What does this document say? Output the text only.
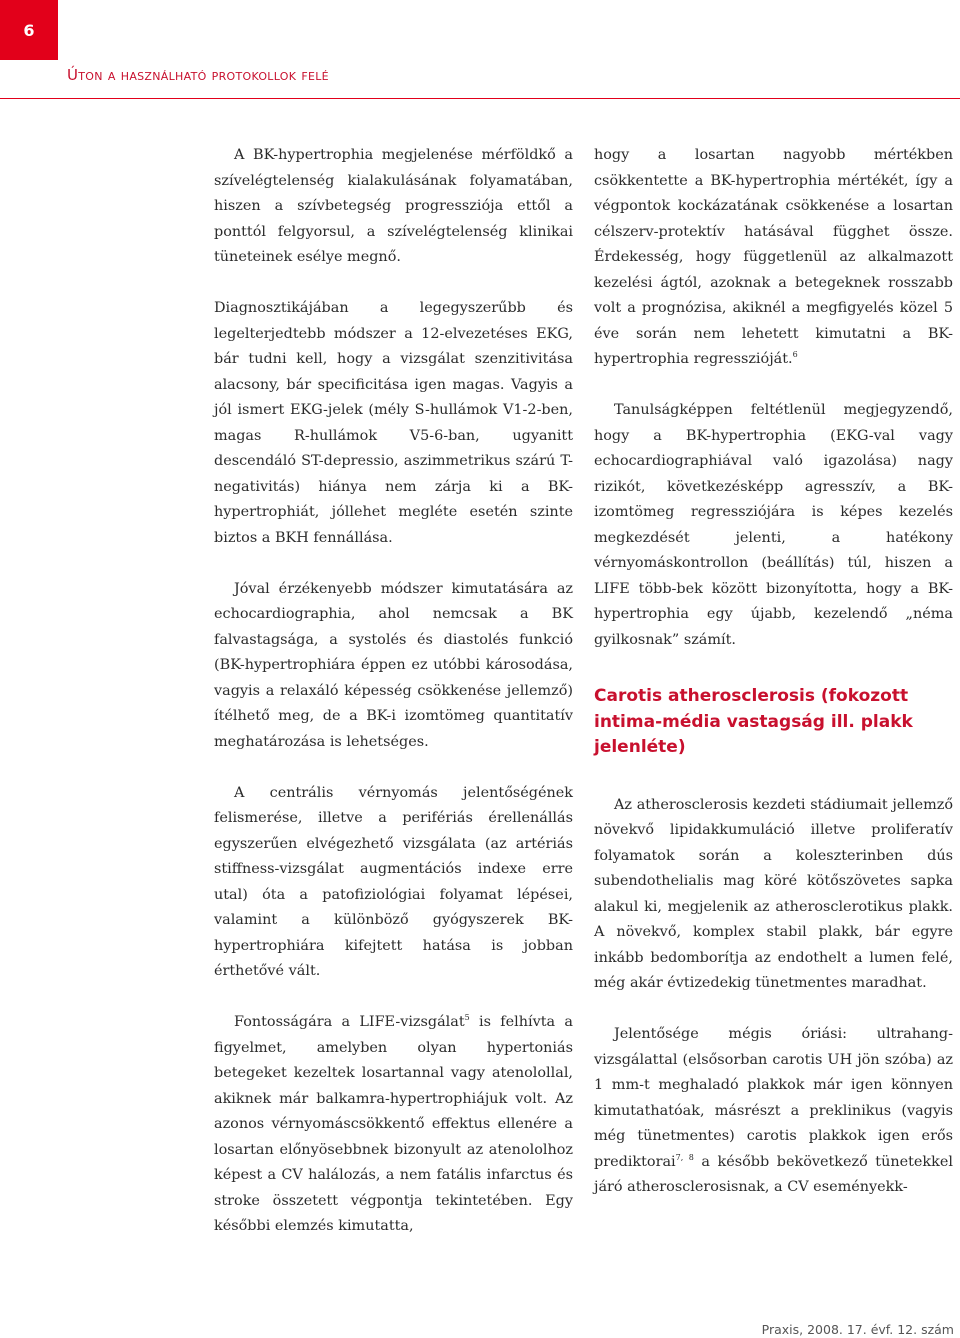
6
Úton a használható protokollok felé

A BK-hypertrophia megjelenése mérföldkő a szívelégtelenség kialakulásának folyamatában, hiszen a szívbetegség progressziója ettől a ponttól felgyorsul, a szívelégtelenség klinikai tüneteinek esélye megnő.

Diagnosztikájában a legegyszerűbb és legelterjedtebb módszer a 12-elvezetéses EKG, bár tudni kell, hogy a vizsgálat szenzitivitása alacsony, bár specificitása igen magas. Vagyis a jól ismert EKG-jelek (mély S-hullámok V1-2-ben, magas R-hullámok V5-6-ban, ugyanitt descendáló ST-depressio, aszimmetrikus szárú T-negativitás) hiánya nem zárja ki a BK-hypertrophiát, jóllehet megléte esetén szinte biztos a BKH fennállása.

Jóval érzékenyebb módszer kimutatására az echocardiographia, ahol nemcsak a BK falvastagsága, a systolés és diastolés funkció (BK-hypertrophiára éppen ez utóbbi károsodása, vagyis a relaxáló képesség csökkenése jellemző) ítélhető meg, de a BK-i izomtömeg quantitatív meghatározása is lehetséges.

A centrális vérnyomás jelentőségének felismerése, illetve a perifériás érellenállás egyszerűen elvégezhető vizsgálata (az artériás stiffness-vizsgálat augmentációs indexe erre utal) óta a patofiziológiai folyamat lépései, valamint a különböző gyógyszerek BK-hypertrophiára kifejtett hatása is jobban érthetővé vált.

Fontosságára a LIFE-vizsgálat$^5$ is felhívta a figyelmet, amelyben olyan hypertoniás betegeket kezeltek losartannal vagy atenolollal, akiknek már balkamra-hypertrophiájuk volt. Az azonos vérnyomáscsökkentő effektus ellenére a losartan előnyösebbnek bizonyult az atenololhoz képest a CV halálozás, a nem fatális infarctus és stroke összetett végpontja tekintetében. Egy későbbi elemzés kimutatta,

hogy a losartan nagyobb mértékben csökkentette a BK-hypertrophia mértékét, így a végpontok kockázatának csökkenése a losartan célszerv-protektív hatásával függhet össze. Érdekesség, hogy függetlenül az alkalmazott kezelési ágtól, azoknak a betegeknek rosszabb volt a prognózisa, akiknél a megfigyelés közel 5 éve során nem lehetett kimutatni a BK-hypertrophia regresszióját.$^6$

Tanulságképpen feltétlenül megjegyzendő, hogy a BK-hypertrophia (EKG-val vagy echocardiographiával való igazolása) nagy rizikót, következésképp agresszív, a BK-izomtömeg regressziójára is képes kezelés megkezdését jelenti, a hatékony vérnyomáskontrollon (beállítás) túl, hiszen a LIFE több-bek között bizonyította, hogy a BK-hypertrophia egy újabb, kezelendő „néma gyilkosnak” számít.

Carotis atherosclerosis (fokozott intima-média vastagság ill. plakk jelenléte)

Az atherosclerosis kezdeti stádiumait jellemző növekvő lipidakkumuláció illetve proliferatív folyamatok során a koleszterinben dús subendothelialis mag köré kötőszövetes sapka alakul ki, megjelenik az atherosclerotikus plakk. A növekvő, komplex stabil plakk, bár egyre inkább bedomborítja az endothelt a lumen felé, még akár évtizedekig tünetmentes maradhat.

Jelentősége mégis óriási: ultrahang-vizsgálattal (elsősorban carotis UH jön szóba) az 1 mm-t meghaladó plakkok már igen könnyen kimutathatóak, másrészt a preklinikus (vagyis még tünetmentes) carotis plakkok igen erős prediktorai$^{7, 8}$ a később bekövetkező tünetekkel járó atherosclerosisnak, a CV eseményekk-

Praxis, 2008. 17. évf. 12. szám
